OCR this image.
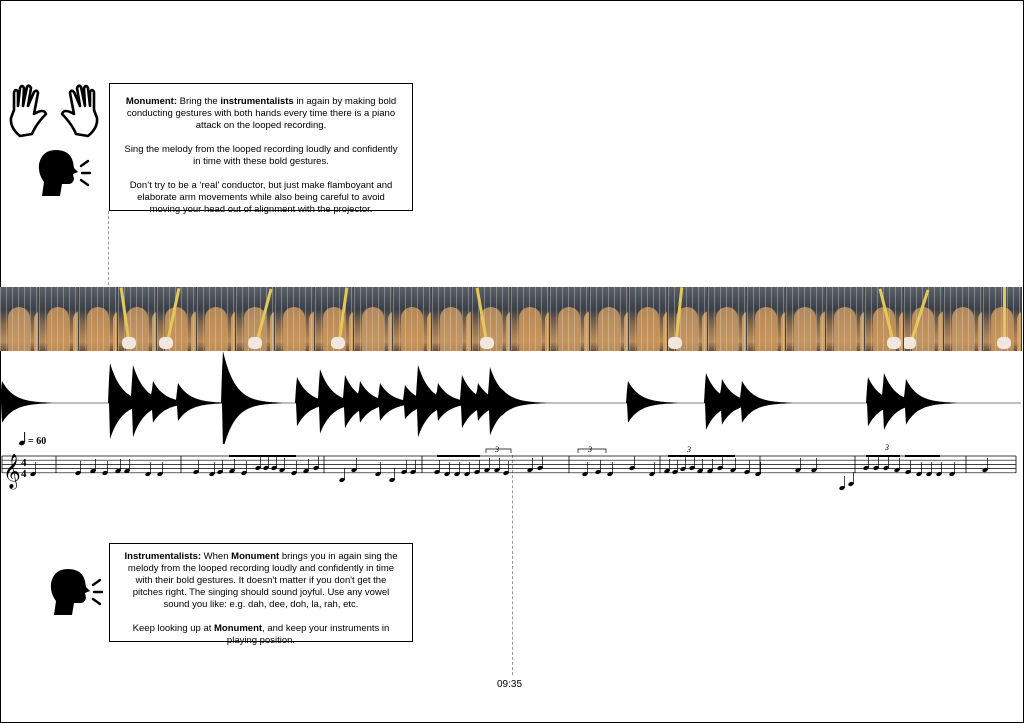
Monument: Bring the instrumentalists in again by making bold conducting gestures with both hands every time there is a piano attack on the looped recording.

Sing the melody from the looped recording loudly and confidently in time with these bold gestures.

Don’t try to be a ‘real’ conductor, but just make flamboyant and elaborate arm movements while also being careful to avoid moving your head out of alignment with the projector.

= 60
𝄞 4
4
3	3	3	3

Instrumentalists: When Monument brings you in again sing the melody from the looped recording loudly and confidently in time with their bold gestures. It doesn't matter if you don't get the pitches right. The singing should sound joyful. Use any vowel sound you like: e.g. dah, dee, doh, la, rah, etc.

Keep looking up at Monument, and keep your instruments in playing position.

09:35
